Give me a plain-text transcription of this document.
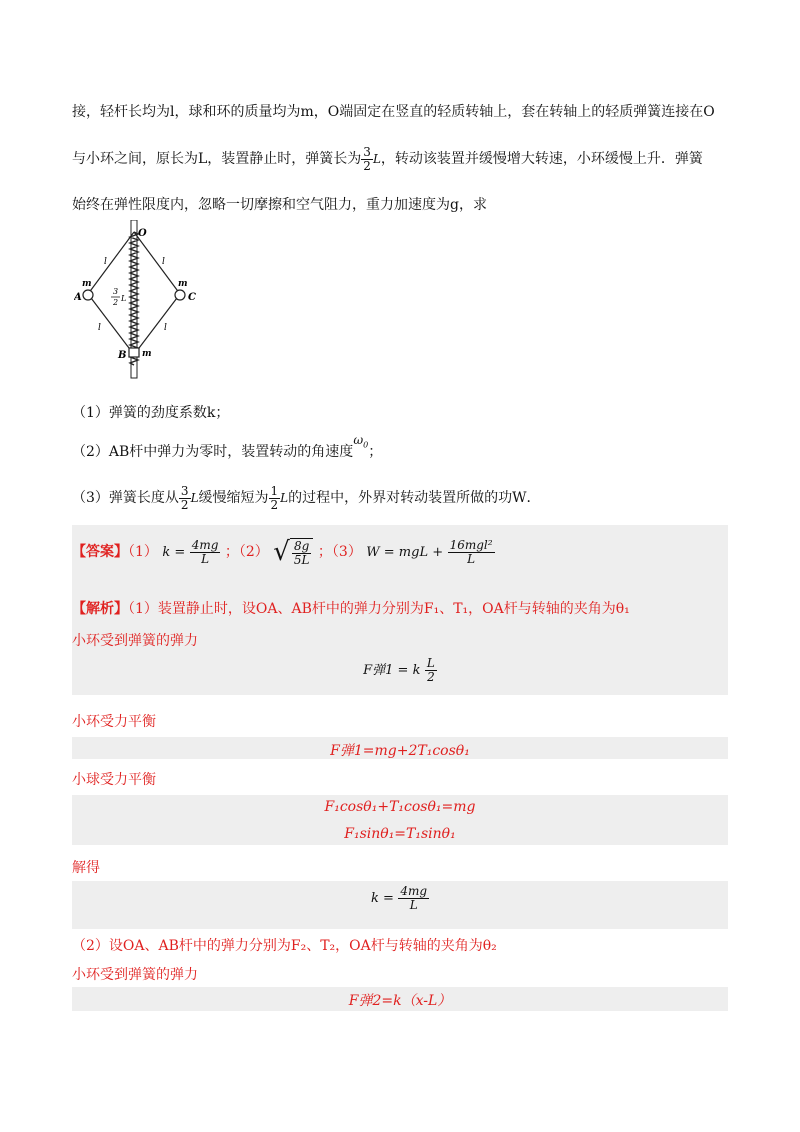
接，轻杆长均为l，球和环的质量均为m，O端固定在竖直的轻质转轴上，套在转轴上的轻质弹簧连接在O
与小环之间，原长为L，装置静止时，弹簧长为 $\frac{3}{2}$ L，转动该装置并缓慢增大转速，小环缓慢上升．弹簧
始终在弹性限度内，忽略一切摩擦和空气阻力，重力加速度为g，求
O
A	C
B
m	m
m
l	l
l	l
3
2 L
（1）弹簧的劲度系数k；
（2）AB杆中弹力为零时，装置转动的角速度$\omega_0$；
（3）弹簧长度从 $\frac{3}{2}$ L缓慢缩短为 $\frac{1}{2}$ L的过程中，外界对转动装置所做的功W．
【答案】（1） $k = \frac{4mg}{L}$ ；（2） √ $\frac{8g}{5L}$ ；（3） W = mgL + $\frac{\text{16mgl²}}{L}$
【解析】（1）装置静止时，设OA、AB杆中的弹力分别为F₁、T₁，OA杆与转轴的夹角为θ₁
小环受到弹簧的弹力
F弹1 = k $\frac{L}{2}$
小环受力平衡
F弹1=mg+2T₁cosθ₁
小球受力平衡
F₁cosθ₁+T₁cosθ₁=mg
F₁sinθ₁=T₁sinθ₁
解得
$k = \frac{4mg}{L}$
（2）设OA、AB杆中的弹力分别为F₂、T₂，OA杆与转轴的夹角为θ₂
小环受到弹簧的弹力
F弹2=k（x-L）
